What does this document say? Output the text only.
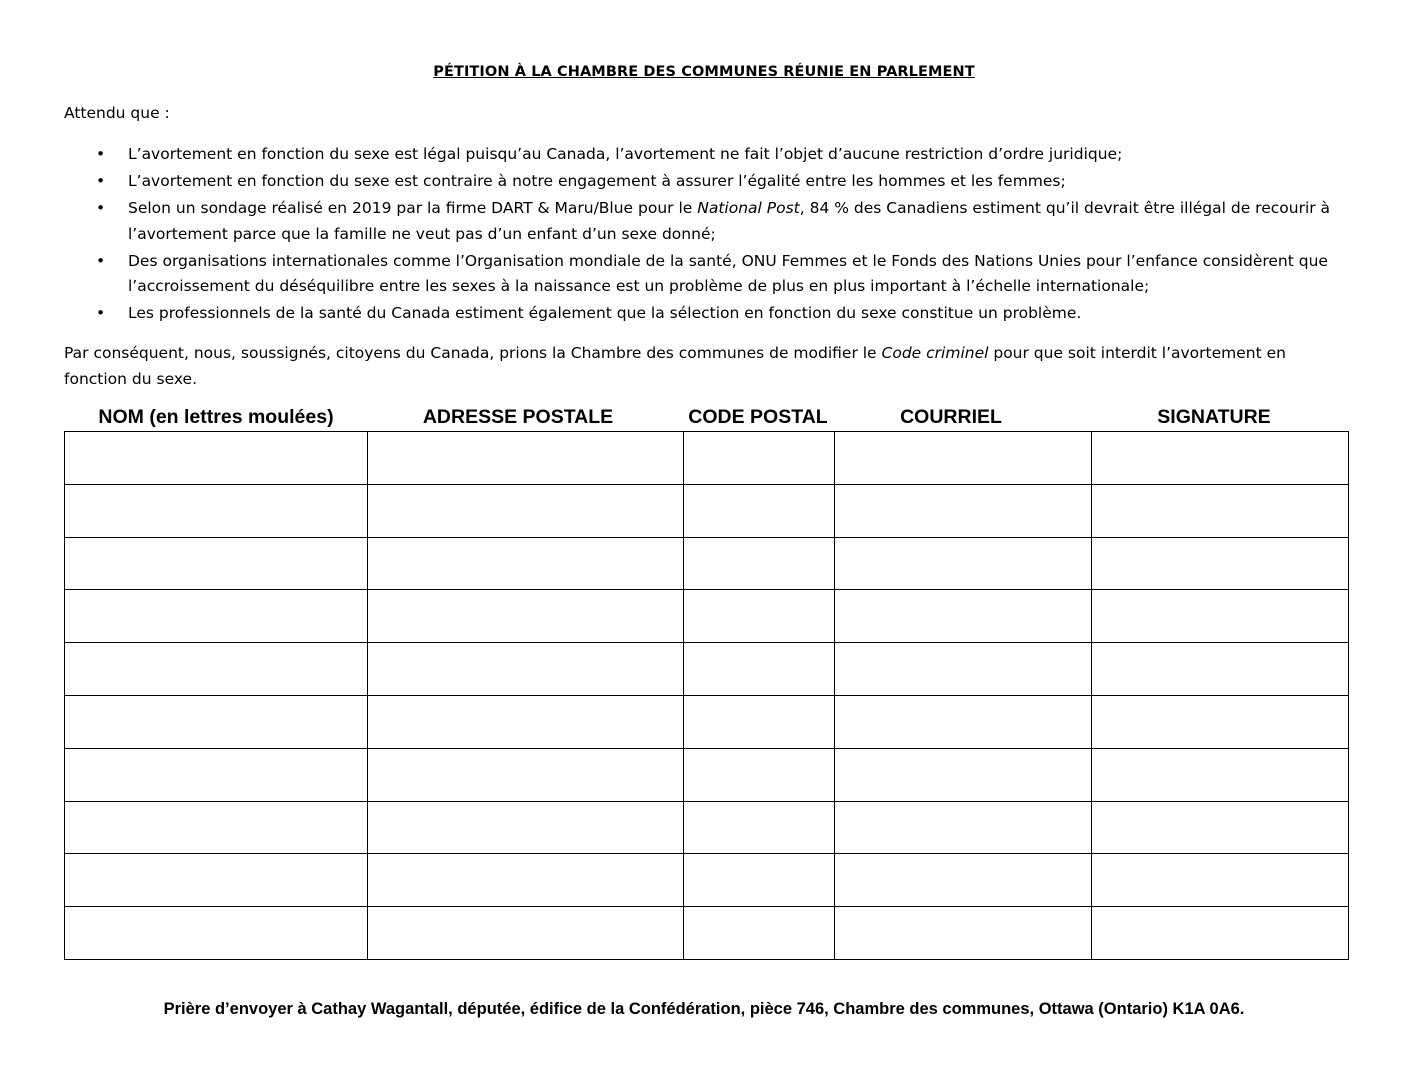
PÉTITION À LA CHAMBRE DES COMMUNES RÉUNIE EN PARLEMENT
Attendu que :
• L’avortement en fonction du sexe est légal puisqu’au Canada, l’avortement ne fait l’objet d’aucune restriction d’ordre juridique;
• L’avortement en fonction du sexe est contraire à notre engagement à assurer l’égalité entre les hommes et les femmes;
• Selon un sondage réalisé en 2019 par la firme DART & Maru/Blue pour le National Post, 84 % des Canadiens estiment qu’il devrait être illégal de recourir à l’avortement parce que la famille ne veut pas d’un enfant d’un sexe donné;
• Des organisations internationales comme l’Organisation mondiale de la santé, ONU Femmes et le Fonds des Nations Unies pour l’enfance considèrent que l’accroissement du déséquilibre entre les sexes à la naissance est un problème de plus en plus important à l’échelle internationale;
• Les professionnels de la santé du Canada estiment également que la sélection en fonction du sexe constitue un problème.
Par conséquent, nous, soussignés, citoyens du Canada, prions la Chambre des communes de modifier le Code criminel pour que soit interdit l’avortement en fonction du sexe.
NOM (en lettres moulées)	ADRESSE POSTALE	CODE POSTAL	COURRIEL	SIGNATURE

Prière d’envoyer à Cathay Wagantall, députée, édifice de la Confédération, pièce 746, Chambre des communes, Ottawa (Ontario) K1A 0A6.
